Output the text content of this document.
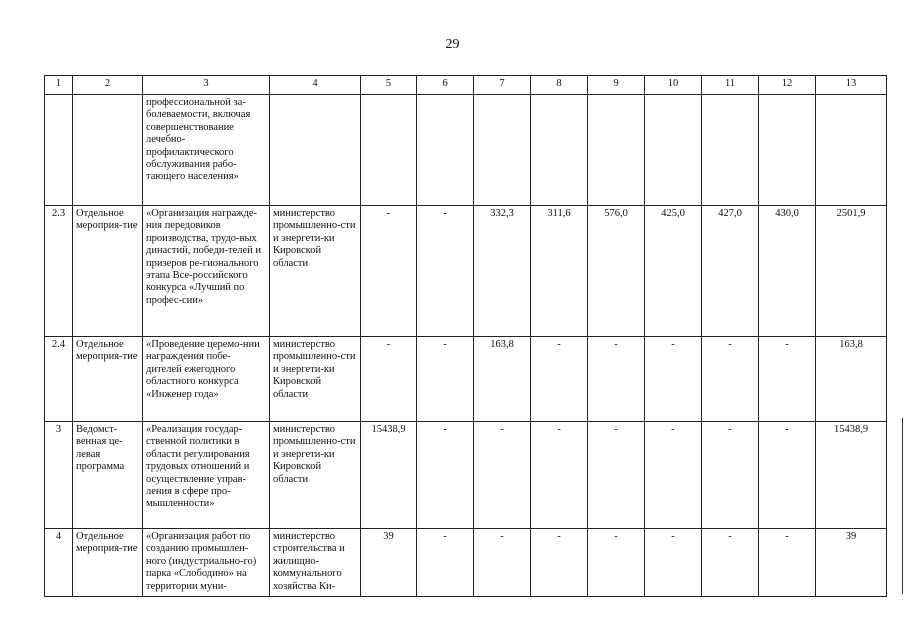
29
1	2	3	4	5	6	7	8	9	10	11	12	13
		профессиональной за-болеваемости, включая совершенствование лечебно-профилактического обслуживания рабо-тающего населения»										
2.3	Отдельное мероприя-тие	«Организация награжде-ния передовиков производства, трудо-вых династий, победи-телей и призеров ре-гионального этапа Все-российского конкурса «Лучший по профес-сии»	министерство промышленно-сти и энергети-ки Кировской области	-	-	332,3	311,6	576,0	425,0	427,0	430,0	2501,9
2.4	Отдельное мероприя-тие	«Проведение церемо-нии награждения побе-дителей ежегодного областного конкурса «Инженер года»	министерство промышленно-сти и энергети-ки Кировской области	-	-	163,8	-	-	-	-	-	163,8
3	Ведомст-венная це-левая программа	«Реализация государ-ственной политики в области регулирования трудовых отношений и осуществление управ-ления в сфере про-мышленности»	министерство промышленно-сти и энергети-ки Кировской области	15438,9	-	-	-	-	-	-	-	15438,9
4	Отдельное мероприя-тие	«Организация работ по созданию промышлен-ного (индустриально-го) парка «Слободино» на территории муни-	министерство строительства и жилищно-коммунального хозяйства Ки-	39	-	-	-	-	-	-	-	39
